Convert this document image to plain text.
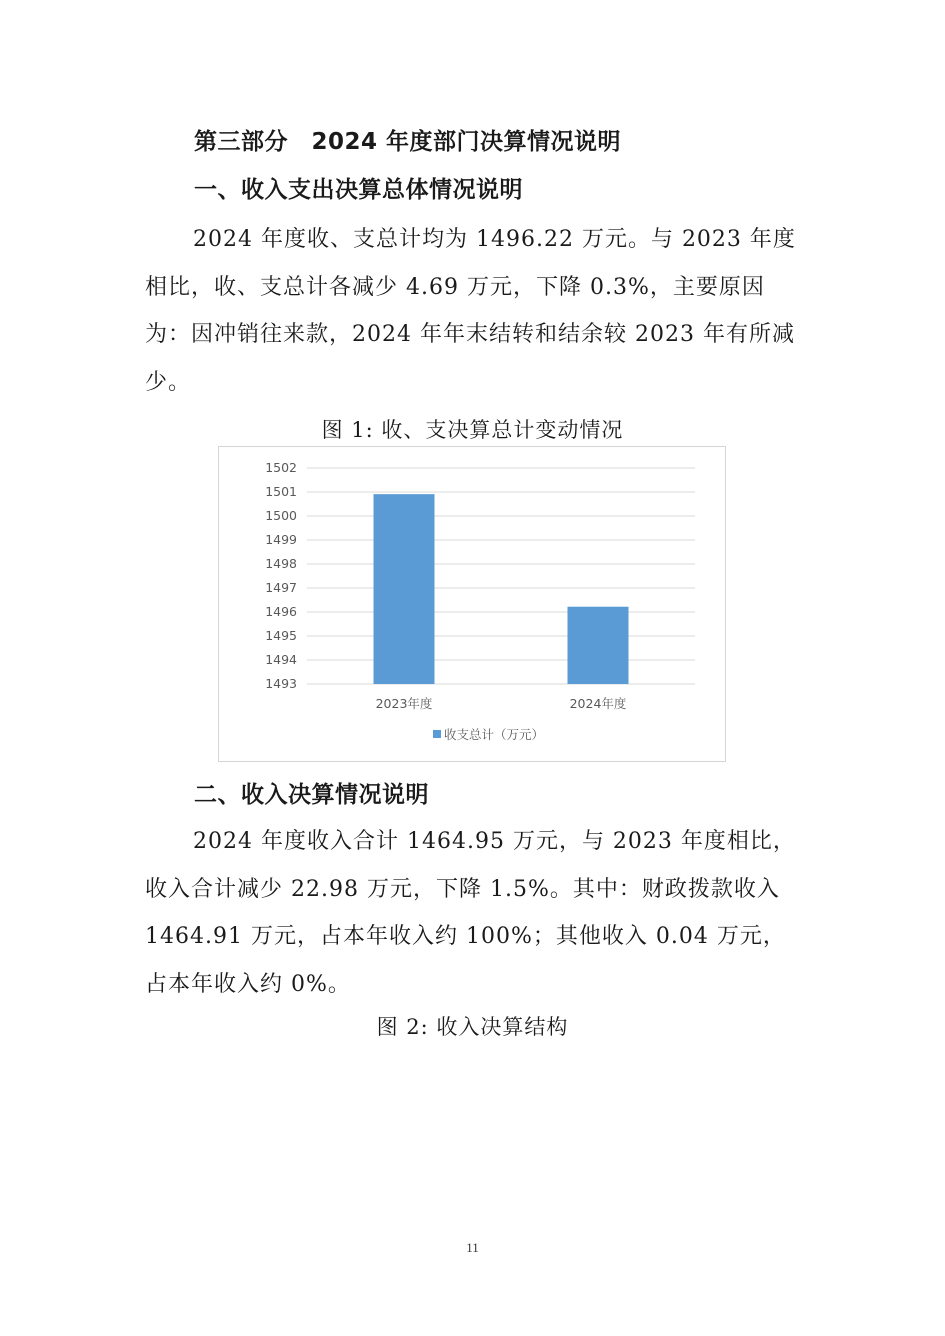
第三部分　2024 年度部门决算情况说明
一、收入支出决算总体情况说明

2024 年度收、支总计均为 1496.22 万元。与 2023 年度相比，收、支总计各减少 4.69 万元，下降 0.3%，主要原因为：因冲销往来款，2024 年年末结转和结余较 2023 年有所减少。

图 1: 收、支决算总计变动情况
1493
1494
1495
1496
1497
1498
1499
1500
1501
1502
2023年度	2024年度
收支总计（万元）
二、收入决算情况说明

2024 年度收入合计 1464.95 万元，与 2023 年度相比，收入合计减少 22.98 万元，下降 1.5%。其中：财政拨款收入 1464.91 万元，占本年收入约 100%；其他收入 0.04 万元，占本年收入约 0%。

图 2: 收入决算结构
11
